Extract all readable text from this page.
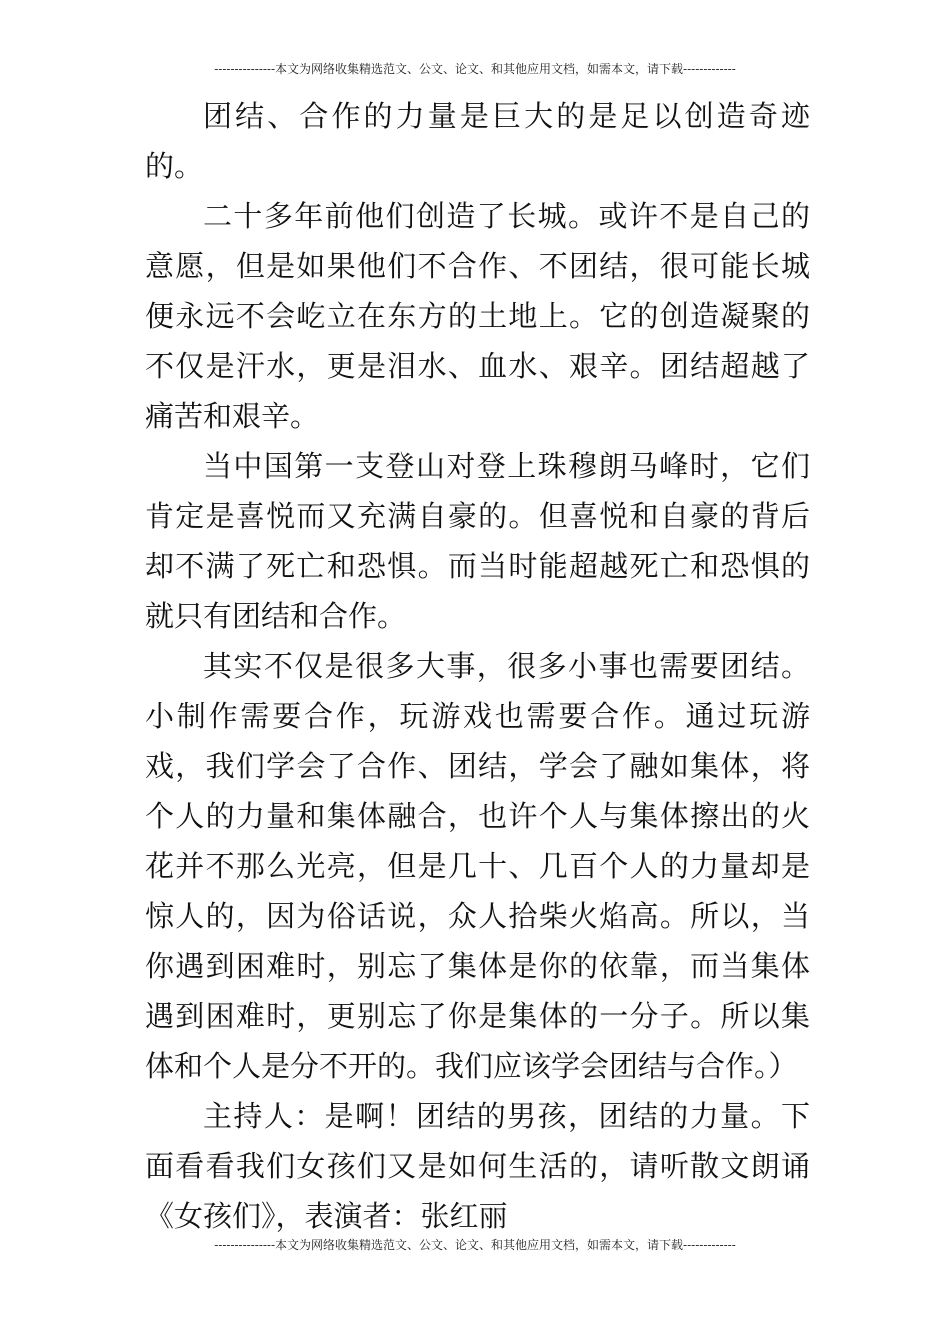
---------------本文为网络收集精选范文、公文、论文、和其他应用文档，如需本文，请下载-------------

团结、合作的力量是巨大的是足以创造奇迹的。

二十多年前他们创造了长城。或许不是自己的意愿，但是如果他们不合作、不团结，很可能长城便永远不会屹立在东方的土地上。它的创造凝聚的不仅是汗水，更是泪水、血水、艰辛。团结超越了痛苦和艰辛。

当中国第一支登山对登上珠穆朗马峰时，它们肯定是喜悦而又充满自豪的。但喜悦和自豪的背后却不满了死亡和恐惧。而当时能超越死亡和恐惧的就只有团结和合作。

其实不仅是很多大事，很多小事也需要团结。小制作需要合作，玩游戏也需要合作。通过玩游戏，我们学会了合作、团结，学会了融如集体，将个人的力量和集体融合，也许个人与集体擦出的火花并不那么光亮，但是几十、几百个人的力量却是惊人的，因为俗话说，众人拾柴火焰高。所以，当你遇到困难时，别忘了集体是你的依靠，而当集体遇到困难时，更别忘了你是集体的一分子。所以集体和个人是分不开的。我们应该学会团结与合作。）

主持人：是啊！团结的男孩，团结的力量。下面看看我们女孩们又是如何生活的，请听散文朗诵《女孩们》，表演者：张红丽

---------------本文为网络收集精选范文、公文、论文、和其他应用文档，如需本文，请下载-------------
